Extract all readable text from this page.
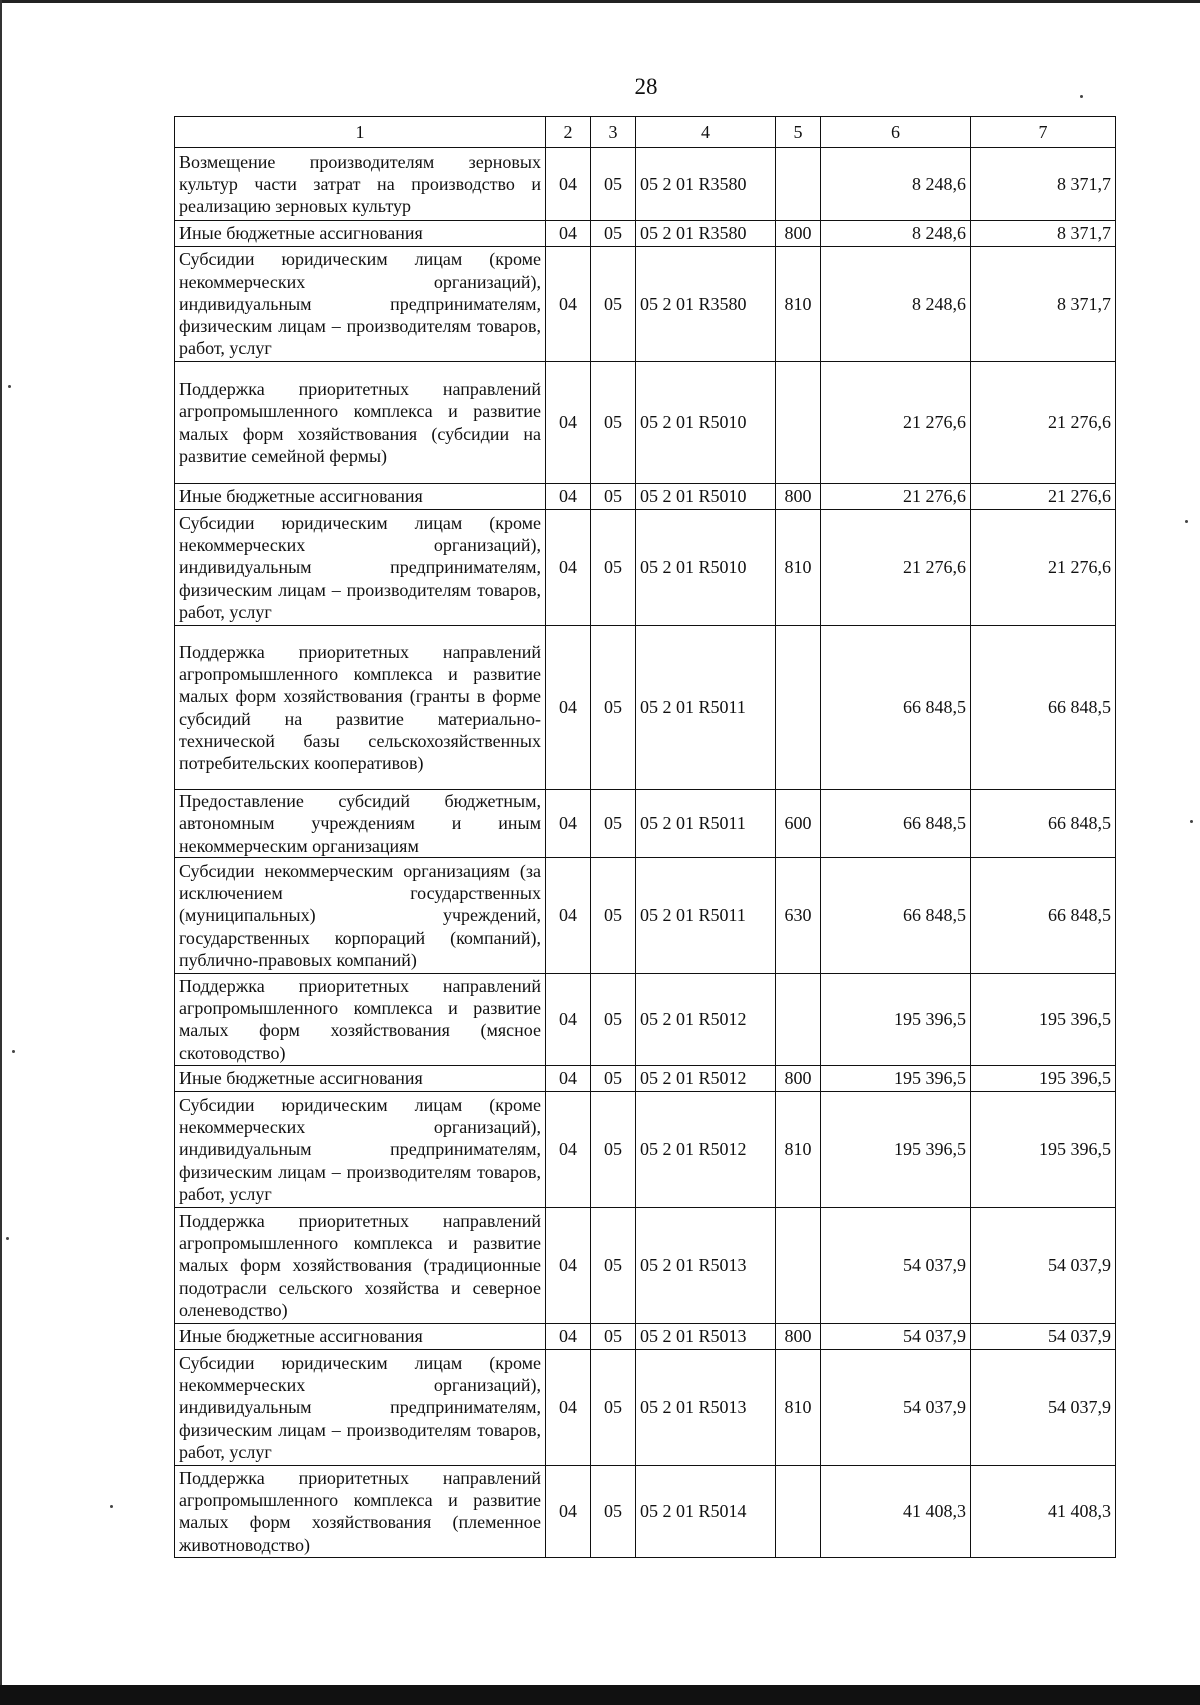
28
1	2	3	4	5	6	7
Возмещение производителям зерновых культур части затрат на производство и реализацию зерновых культур	04	05	05 2 01 R3580		8 248,6	8 371,7
Иные бюджетные ассигнования	04	05	05 2 01 R3580	800	8 248,6	8 371,7
Субсидии юридическим лицам (кроме некоммерческих организаций), индивидуальным предпринимателям, физическим лицам – производителям товаров, работ, услуг	04	05	05 2 01 R3580	810	8 248,6	8 371,7
Поддержка приоритетных направлений агропромышленного комплекса и развитие малых форм хозяйствования (субсидии на развитие семейной фермы)	04	05	05 2 01 R5010		21 276,6	21 276,6
Иные бюджетные ассигнования	04	05	05 2 01 R5010	800	21 276,6	21 276,6
Субсидии юридическим лицам (кроме некоммерческих организаций), индивидуальным предпринимателям, физическим лицам – производителям товаров, работ, услуг	04	05	05 2 01 R5010	810	21 276,6	21 276,6
Поддержка приоритетных направлений агропромышленного комплекса и развитие малых форм хозяйствования (гранты в форме субсидий на развитие материально-технической базы сельскохозяйственных потребительских кооперативов)	04	05	05 2 01 R5011		66 848,5	66 848,5
Предоставление субсидий бюджетным, автономным учреждениям и иным некоммерческим организациям	04	05	05 2 01 R5011	600	66 848,5	66 848,5
Субсидии некоммерческим организациям (за исключением государственных (муниципальных) учреждений, государственных корпораций (компаний), публично-правовых компаний)	04	05	05 2 01 R5011	630	66 848,5	66 848,5
Поддержка приоритетных направлений агропромышленного комплекса и развитие малых форм хозяйствования (мясное скотоводство)	04	05	05 2 01 R5012		195 396,5	195 396,5
Иные бюджетные ассигнования	04	05	05 2 01 R5012	800	195 396,5	195 396,5
Субсидии юридическим лицам (кроме некоммерческих организаций), индивидуальным предпринимателям, физическим лицам – производителям товаров, работ, услуг	04	05	05 2 01 R5012	810	195 396,5	195 396,5
Поддержка приоритетных направлений агропромышленного комплекса и развитие малых форм хозяйствования (традиционные подотрасли сельского хозяйства и северное оленеводство)	04	05	05 2 01 R5013		54 037,9	54 037,9
Иные бюджетные ассигнования	04	05	05 2 01 R5013	800	54 037,9	54 037,9
Субсидии юридическим лицам (кроме некоммерческих организаций), индивидуальным предпринимателям, физическим лицам – производителям товаров, работ, услуг	04	05	05 2 01 R5013	810	54 037,9	54 037,9
Поддержка приоритетных направлений агропромышленного комплекса и развитие малых форм хозяйствования (племенное животноводство)	04	05	05 2 01 R5014		41 408,3	41 408,3
